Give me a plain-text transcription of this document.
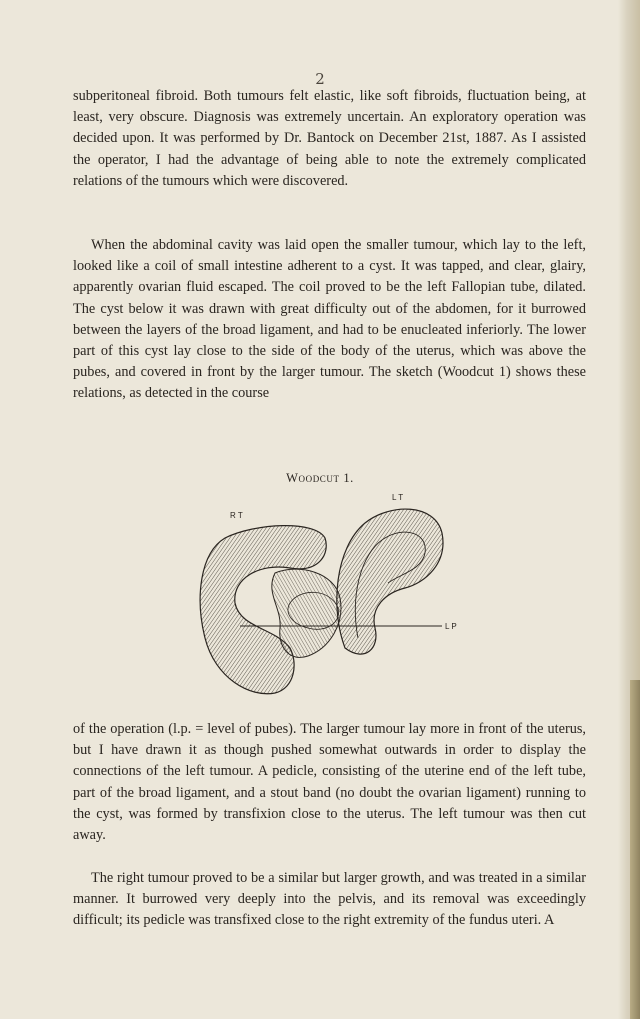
2

subperitoneal fibroid. Both tumours felt elastic, like soft fibroids, fluctuation being, at least, very obscure. Diagnosis was extremely uncertain. An exploratory operation was decided upon. It was performed by Dr. Bantock on December 21st, 1887. As I assisted the operator, I had the advantage of being able to note the extremely complicated relations of the tumours which were discovered.

When the abdominal cavity was laid open the smaller tumour, which lay to the left, looked like a coil of small intestine adherent to a cyst. It was tapped, and clear, glairy, apparently ovarian fluid escaped. The coil proved to be the left Fallopian tube, dilated. The cyst below it was drawn with great difficulty out of the abdomen, for it burrowed between the layers of the broad ligament, and had to be enucleated inferiorly. The lower part of this cyst lay close to the side of the body of the uterus, which was above the pubes, and covered in front by the larger tumour. The sketch (Woodcut 1) shows these relations, as detected in the course

Woodcut 1.
R T
L T
L P

of the operation (l.p. = level of pubes). The larger tumour lay more in front of the uterus, but I have drawn it as though pushed somewhat outwards in order to display the connections of the left tumour. A pedicle, consisting of the uterine end of the left tube, part of the broad ligament, and a stout band (no doubt the ovarian ligament) running to the cyst, was formed by transfixion close to the uterus. The left tumour was then cut away.

The right tumour proved to be a similar but larger growth, and was treated in a similar manner. It burrowed very deeply into the pelvis, and its removal was exceedingly difficult; its pedicle was transfixed close to the right extremity of the fundus uteri. A
